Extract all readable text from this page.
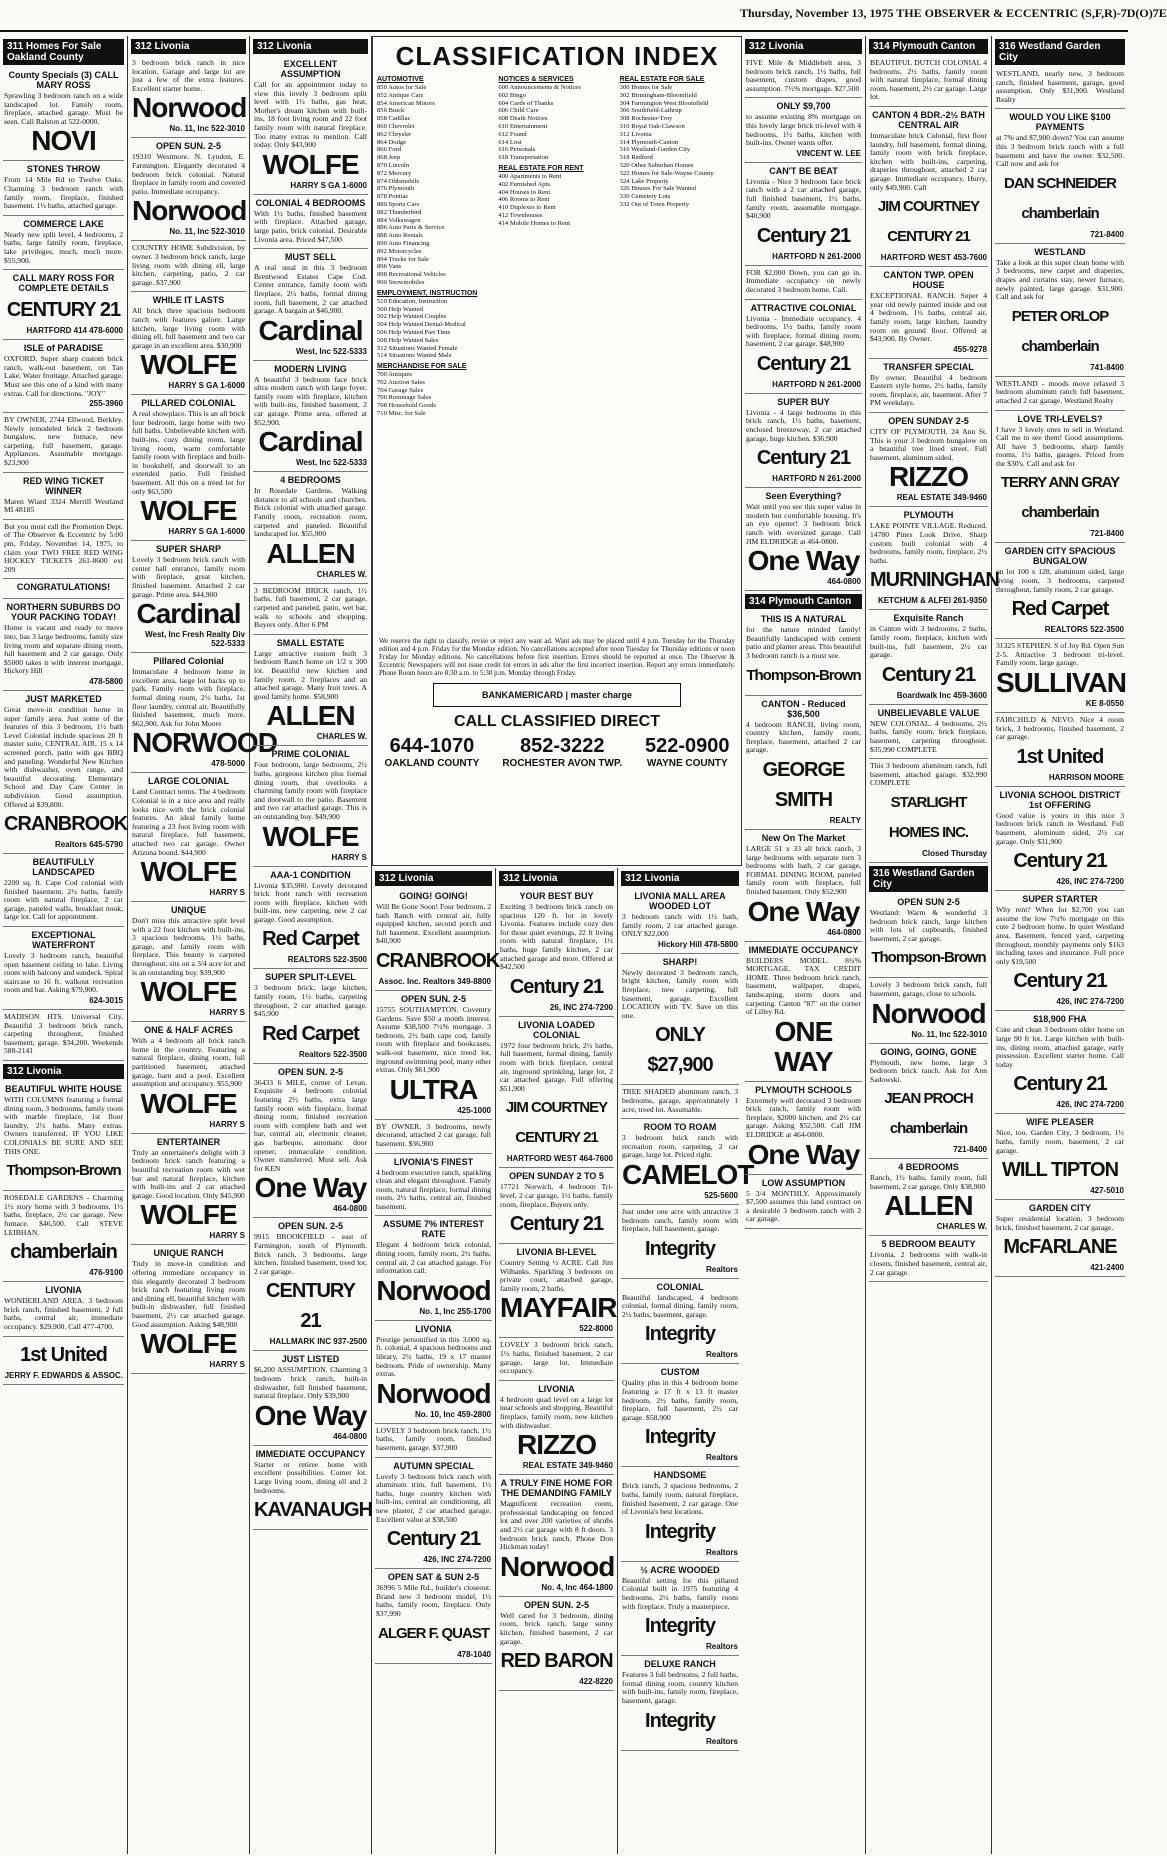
Thursday, November 13, 1975 THE OBSERVER & ECCENTRIC (S,F,R)-7D(O)7E
311 Homes For Sale Oakland County
County Specials (3) CALL MARY ROSS
Sprawling 3 bedroom ranch on a wide landscaped lot. Family room, fireplace, attached garage. Must be seen. Call Ralston at 522-0000.
NOVI
STONES THROW
From 14 Mile Rd to Twelve Oaks. Charming 3 bedroom ranch with family room, fireplace, finished basement. 1½ baths, attached garage.
COMMERCE LAKE
Nearly new split level, 4 bedrooms, 2 baths, large family room, fireplace, lake privileges, much, much more. $55,900.
CALL MARY ROSS FOR COMPLETE DETAILS
CENTURY 21
HARTFORD 414 478-6000
ISLE of PARADISE
OXFORD. Super sharp custom brick ranch, walk-out basement, on Tan Lake. Water frontage. Attached garage. Must see this one of a kind with many extras. Call for directions. "JOY"
255-3960
BY OWNER, 2744 Ellwood, Berkley. Newly remodeled brick 2 bedroom bungalow, new furnace, new carpeting, full basement, garage. Appliances. Assumable mortgage. $23,900
RED WING TICKET WINNER
Maren Wiard 3324 Merrill Westland MI 48185
But you must call the Promotion Dept. of The Observer & Eccentric by 5:00 pm, Friday, November 14, 1975, to claim your TWO FREE RED WING HOCKEY TICKETS 261-8600 ext 209
CONGRATULATIONS!
NORTHERN SUBURBS DO YOUR PACKING TODAY!
Home is vacant and ready to move into, has 3 large bedrooms, family size living room and separate dining room, full basement and 2 car garage. Only $5000 takes it with interest mortgage. Hickory Hill
478-5800
JUST MARKETED
Great move-in condition home in super family area. Just some of the features of this 3 bedroom, 1½ bath Level Colonial include spacious 20 ft master suite, CENTRAL AIR, 15 x 14 screened porch, patio with gas BBQ and paneling. Wonderful New Kitchen with dishwasher, oven range, and beautiful decorating. Elementary School and Day Care Center in subdivision. Good assumption. Offered at $39,800.
CRANBROOK
Realtors 645-5790
BEAUTIFULLY LANDSCAPED
2200 sq. ft. Cape Cod colonial with finished basement, 2½ baths, family room with natural fireplace, 2 car garage, paneled walls, breakfast nook, large lot. Call for appointment.
EXCEPTIONAL WATERFRONT
Lovely 3 bedroom ranch, beautiful open basement ceiling to lake. Living room with balcony and sundeck. Spiral staircase to 16 ft. walkout recreation room and bar. Asking $79,900.
624-3015
MADISON HTS. Universal City. Beautiful 3 bedroom brick ranch, carpeting throughout, finished basement, garage. $34,200. Weekends 588-2141
312 Livonia
BEAUTIFUL WHITE HOUSE
WITH COLUMNS featuring a formal dining room, 3 bedrooms, family room with marble fireplace, 1st floor laundry, 2½ baths. Many extras. Owners transferred. IF YOU LIKE COLONIALS BE SURE AND SEE THIS ONE.
Thompson-Brown
ROSEDALE GARDENS - Charming 1½ story home with 3 bedrooms, 1½ baths, fireplace, 2½ car garage. New furnace. $46,500. Call STEVE LEIBHAN.
chamberlain
476-9100
LIVONIA
WONDERLAND AREA. 3 bedroom brick ranch, finished basement, 2 full baths, central air, immediate occupancy. $29,900. Call 477-4700.
1st United
JERRY F. EDWARDS & ASSOC.
312 Livonia
3 bedroom brick ranch in nice location. Garage and large lot are just a few of the extra features. Excellent starter home.
Norwood
No. 11, Inc 522-3010
OPEN SUN. 2-5
19310 Westmore. N. Lyndon, E. Farmington. Elegantly decorated 4 bedroom brick colonial. Natural fireplace in family room and covered patio. Immediate occupancy.
Norwood
No. 11, Inc 522-3010
COUNTRY HOME Subdivision, by owner. 3 bedroom brick ranch, large living room with dining ell, large kitchen, carpeting, patio, 2 car garage. $37,900
WHILE IT LASTS
All brick three spacious bedroom ranch with features galore. Large kitchen, large living room with dining ell, full basement and two car garage in an excellent area. $30,900
WOLFE
HARRY S GA 1-6000
PILLARED COLONIAL
A real showplace. This is an all brick four bedroom, large home with two full baths. Unbelievable kitchen with built-ins, cozy dining room, large living room, warm comfortable family room with fireplace and built-in bookshelf, and doorwall to an extended patio. Full finished basement. All this on a treed lot for only $63,500
WOLFE
HARRY S GA 1-6000
SUPER SHARP
Lovely 3 bedroom brick ranch with center hall entrance, family room with fireplace, great kitchen, finished basement. Attached 2 car garage. Prime area. $44,900
Cardinal
West, Inc Fresh Realty Div 522-5333
Pillared Colonial
Immaculate 4 bedroom home in excellent area, large lot backs up to park. Family room with fireplace, formal dining room, 2½ baths, 1st floor laundry, central air. Beautifully finished basement, much more. $62,900. Ask for John Moore
NORWOOD
478-5000
LARGE COLONIAL
Land Contract terms. The 4 bedroom Colonial is in a nice area and really looks nice with the brick colonial features. An ideal family home featuring a 23 foot living room with natural fireplace, full basement, attached two car garage. Owner Arizona bound. $44,900
WOLFE
HARRY S
UNIQUE
Don't miss this attractive split level with a 22 foot kitchen with built-ins, 3 spacious bedrooms, 1½ baths, garage, and family room with fireplace. This beauty is carpeted throughout, sits on a 3/4 acre lot and is an outstanding buy. $39,900
WOLFE
HARRY S
ONE & HALF ACRES
With a 4 bedroom all brick ranch home in the country. Featuring a natural fireplace, dining room, full partitioned basement, attached garage, barn and a pool. Excellent assumption and occupancy. $55,900
WOLFE
HARRY S
ENTERTAINER
Truly an entertainer's delight with 3 bedroom brick ranch featuring a beautiful recreation room with wet bar and natural fireplace, kitchen with built-ins and 2 car attached garage. Good location. Only $45,900
WOLFE
HARRY S
UNIQUE RANCH
Truly in move-in condition and offering immediate occupancy in this elegantly decorated 3 bedroom brick ranch featuring living room and dining ell, beautiful kitchen with built-in dishwasher, full finished basement, 2½ car attached garage. Good assumption. Asking $48,900
WOLFE
HARRY S
312 Livonia
EXCELLENT ASSUMPTION
Call for an appointment today to view this lovely 3 bedroom split level with 1½ baths, gas heat, Mother's dream kitchen with built-ins, 18 foot living room and 22 foot family room with natural fireplace. Too many extras to mention. Call today. Only $43,900
WOLFE
HARRY S GA 1-6000
COLONIAL 4 BEDROOMS
With 1½ baths, finished basement with fireplace. Attached garage, large patio, brick colonial. Desirable Livonia area. Priced $47,500
MUST SELL
A real steal in this 3 bedroom Brentwood Estates Cape Cod. Center entrance, family room with fireplace, 2½ baths, formal dining room, full basement, 2 car attached garage. A bargain at $46,900.
Cardinal
West, Inc 522-5333
MODERN LIVING
A beautiful 3 bedroom face brick ultra modern ranch with large foyer, family room with fireplace, kitchen with built-ins, finished basement, 2 car garage. Prime area, offered at $52,900.
Cardinal
West, Inc 522-5333
4 BEDROOMS
In Rosedale Gardens. Walking distance to all schools and churches. Brick colonial with attached garage. Family room, recreation room, carpeted and paneled. Beautiful landscaped lot. $55,900
ALLEN
CHARLES W.
3 BEDROOM BRICK ranch, 1½ baths, full basement, 2 car garage, carpeted and paneled, patio, wet bar, walk to schools and shopping. Buyers only. After 6 PM
SMALL ESTATE
Large attractive custom built 3 bedroom Ranch home on 1/2 x 300 lot. Beautiful new kitchen and family room. 2 fireplaces and an attached garage. Many fruit trees. A good family home. $58,900
ALLEN
CHARLES W.
PRIME COLONIAL
Four bedroom, large bedrooms, 2½ baths, gorgeous kitchen plus formal dining room, that overlooks a charming family room with fireplace and doorwall to the patio. Basement and two car attached garage. This is an outstanding buy. $49,900
WOLFE
HARRY S
AAA-1 CONDITION
Livonia $35,900. Lovely decorated brick front ranch with recreation room with fireplace, kitchen with built-ins, new carpeting, new 2 car garage. Good assumption.
Red Carpet
REALTORS 522-3500
SUPER SPLIT-LEVEL
3 bedroom brick, large kitchen, family room, 1½ baths, carpeting throughout, 2 car attached garage. $45,900
Red Carpet
Realtors 522-3500
OPEN SUN. 2-5
36433 6 MILE, corner of Levan. Exquisite 4 bedroom colonial featuring 2½ baths, extra large family room with fireplace, formal dining room, finished recreation room with complete bath and wet bar, central air, electronic cleaner, gas barbeque, automatic door opener, immaculate condition. Owner transferred. Must sell. Ask for KEN
One Way
464-0800
OPEN SUN. 2-5
9915 BROOKFIELD - east of Farmington, south of Plymouth. Brick ranch, 3 bedrooms, large kitchen, finished basement, treed lot, 2 car garage.
CENTURY 21
HALLMARK INC 937-2500
JUST LISTED
$6,200 ASSUMPTION. Charming 3 bedroom brick ranch, built-in dishwasher, full finished basement, natural fireplace. Only $39,900
One Way
464-0800
IMMEDIATE OCCUPANCY
Starter or retiree home with excellent possibilities. Corner lot. Large living room, dining ell and 2 bedrooms.
KAVANAUGH
CLASSIFICATION INDEX
AUTOMOTIVE
850 Autos for Sale
852 Antique Cars
854 American Motors
856 Buick
858 Cadillac
860 Chevrolet
862 Chrysler
864 Dodge
866 Ford
868 Jeep
870 Lincoln
872 Mercury
874 Oldsmobile
876 Plymouth
878 Pontiac
880 Sports Cars
882 Thunderbird
884 Volkswagen
886 Auto Parts & Service
888 Auto Rentals
890 Auto Financing
892 Motorcycles
894 Trucks for Sale
896 Vans
898 Recreational Vehicles
900 Snowmobiles
EMPLOYMENT, INSTRUCTION
510 Education, Instruction
500 Help Wanted
502 Help Wanted Couples
504 Help Wanted Dental-Medical
506 Help Wanted Part Time
508 Help Wanted Sales
512 Situations Wanted Female
514 Situations Wanted Male
MERCHANDISE FOR SALE
700 Antiques
702 Auction Sales
704 Garage Sales
706 Rummage Sales
708 Household Goods
710 Misc. for Sale
NOTICES & SERVICES
600 Announcements & Notices
602 Bingo
604 Cards of Thanks
606 Child Care
608 Death Notices
610 Entertainment
612 Found
614 Lost
616 Personals
618 Transportation
REAL ESTATE FOR RENT
400 Apartments to Rent
402 Furnished Apts.
404 Houses to Rent
406 Rooms to Rent
410 Duplexes to Rent
412 Townhouses
414 Mobile Homes to Rent
REAL ESTATE FOR SALE
300 Homes for Sale
302 Birmingham-Bloomfield
304 Farmington West Bloomfield
306 Southfield-Lathrup
308 Rochester-Troy
310 Royal Oak-Clawson
312 Livonia
314 Plymouth-Canton
316 Westland-Garden City
318 Redford
320 Other Suburban Homes
322 Homes for Sale-Wayne County
324 Lake Property
326 Houses For Sale Wanted
330 Cemetery Lots
332 Out of Town Property
We reserve the right to classify, revise or reject any want ad. Want ads may be placed until 4 p.m. Tuesday for the Thursday edition and 4 p.m. Friday for the Monday edition. No cancellations accepted after noon Tuesday for Thursday editions or noon Friday for Monday editions. No cancellations before first insertion. Errors should be reported at once. The Observer & Eccentric Newspapers will not issue credit for errors in ads after the first incorrect insertion. Report any errors immediately. Phone Room hours are 8:30 a.m. to 5:30 p.m. Monday through Friday.
BANKAMERICARD | master charge
CALL CLASSIFIED DIRECT
644-1070
OAKLAND COUNTY
852-3222
ROCHESTER AVON TWP.
522-0900
WAYNE COUNTY
312 Livonia
GOING! GOING!
Will Be Gone Soon! Four bedroom, 2 bath Ranch with central air, fully equipped kitchen, second porch and full basement. Excellent assumption. $40,900
CRANBROOK
Assoc. Inc. Realtors 349-8800
OPEN SUN. 2-5
15755 SOUTHAMPTON. Coventry Gardens. Save $50 a month interest. Assume $38,500 7½% mortgage. 3 bedroom, 2½ bath cape cod, family room with fireplace and bookcases, walk-out basement, nice treed lot, inground swimming pool, many other extras. Only $61,900
ULTRA
425-1000
BY OWNER, 3 bedrooms, newly decorated, attached 2 car garage, full basement. $36,900
LIVONIA'S FINEST
4 bedroom executive ranch, sparkling clean and elegant throughout. Family room, natural fireplace, formal dining room, 2½ baths, central air, finished basement.
ASSUME 7% INTEREST RATE
Elegant 4 bedroom brick colonial, dining room, family room, 2½ baths, central air, 2 car attached garage. For information call.
Norwood
No. 1, Inc 255-1700
LIVONIA
Prestige personified in this 3,000 sq. ft. colonial, 4 spacious bedrooms and library, 2½ baths, 19 x 17 master bedroom. Pride of ownership. Many extras.
Norwood
No. 10, Inc 459-2800
LOVELY 3 bedroom brick ranch, 1½ baths, family room, finished basement, garage. $37,900
AUTUMN SPECIAL
Lovely 3 bedroom brick ranch with aluminum trim, full basement, 1½ baths, huge country kitchen with built-ins, central air conditioning, all new plaster, 2 car attached garage. Excellent value at $38,500
Century 21
426, INC 274-7200
OPEN SAT & SUN 2-5
36996 5 Mile Rd., builder's closeout. Brand new 3 bedroom model, 1½ baths, family room, fireplace. Only $37,990
ALGER F. QUAST
478-1040
312 Livonia
YOUR BEST BUY
Exciting 3 bedroom brick ranch on spacious 120 ft. lot in lovely Livonia. Features include cozy den for those quiet evenings, 22 ft living room with natural fireplace, 1½ baths, huge family kitchen, 2 car attached garage and more. Offered at $42,500
Century 21
26, INC 274-7200
LIVONIA LOADED COLONIAL
1972 four bedroom brick, 2½ baths, full basement, formal dining, family room with brick fireplace, central air, inground sprinkling, large lot, 2 car attached garage. Full offering $51,900
JIM COURTNEY CENTURY 21
HARTFORD WEST 464-7600
OPEN SUNDAY 2 TO 5
17721 Norwich, 4 bedroom Tri-level, 2 car garage, 1½ baths, family room, fireplace. Buyers only.
Century 21
LIVONIA BI-LEVEL
Country Setting ½ ACRE. Call Jim Wilbanks. Sparkling 3 bedroom on private court, attached garage, family room, 2 baths.
MAYFAIR
522-8000
LOVELY 3 bedroom brick ranch, 1½ baths, finished basement, 2 car garage, large lot. Immediate occupancy.
LIVONIA
4 bedroom quad level on a large lot near schools and shopping. Beautiful fireplace, family room, new kitchen with dishwasher.
RIZZO
REAL ESTATE 349-9460
A TRULY FINE HOME FOR THE DEMANDING FAMILY
Magnificent recreation room, professional landscaping on fenced lot and over 200 varieties of shrubs and 2½ car garage with 8 ft doors. 3 bedroom brick ranch. Phone Don Hickman today!
Norwood
No. 4, Inc 464-1800
OPEN SUN. 2-5
Well cared for 3 bedroom, dining room, brick ranch, large sunny kitchen, finished basement, 2 car garage.
RED BARON
422-8220
312 Livonia
LIVONIA MALL AREA WOODED LOT
3 bedroom ranch with 1½ bath, family room, 2 car attached garage. ONLY $22,000
Hickory Hill 478-5800
SHARP!
Newly decorated 3 bedroom ranch, bright kitchen, family room with fireplace, new carpeting, full basement, garage. Excellent LOCATION with TV. Save on this one.
ONLY $27,900
TREE SHADED aluminum ranch, 3 bedrooms, garage, approximately 1 acre, treed lot. Assumable.
ROOM TO ROAM
3 bedroom brick ranch with recreation room, carpeting, 2 car garage, large lot. Priced right.
CAMELOT
525-5600
Just under one acre with attractive 3 bedroom ranch, family room with fireplace, full basement, garage.
Integrity
Realtors
COLONIAL
Beautiful landscaped, 4 bedroom colonial, formal dining, family room, 2½ baths, basement, garage.
Integrity
Realtors
CUSTOM
Quality plus in this 4 bedroom home featuring a 17 ft x 13 ft master bedroom, 2½ baths, family room, fireplace, full basement, 2½ car garage. $58,900
Integrity
Realtors
HANDSOME
Brick ranch, 3 spacious bedrooms, 2 baths, family room, natural fireplace, finished basement, 2 car garage. One of Livonia's best locations.
Integrity
Realtors
½ ACRE WOODED
Beautiful setting for this pillared Colonial built in 1975 featuring 4 bedrooms, 2½ baths, family room with fireplace. Truly a masterpiece.
Integrity
Realtors
DELUXE RANCH
Features 3 full bedrooms, 2 full baths, formal dining room, country kitchen with built-ins, family room, fireplace, basement, garage.
Integrity
Realtors
312 Livonia
FIVE Mile & Middlebelt area, 3 bedroom brick ranch, 1½ baths, full basement, custom drapes, good assumption. 7½% mortgage. $27,500
ONLY $9,700
to assume existing 8% mortgage on this lovely large brick tri-level with 4 bedrooms, 1½ baths, kitchen with built-ins. Owner wants offer.
VINCENT W. LEE
CAN'T BE BEAT
Livonia - Nice 3 bedroom face brick ranch with a 2 car attached garage, full finished basement, 1½ baths, family room, assumable mortgage. $40,900
Century 21
HARTFORD N 261-2000
FOR $2,000 Down, you can go in. Immediate occupancy on newly decorated 3 bedroom home. Call.
ATTRACTIVE COLONIAL
Livonia - Immediate occupancy. 4 bedrooms, 1½ baths, family room with fireplace, formal dining room, basement, 2 car garage. $48,900
Century 21
HARTFORD N 261-2000
SUPER BUY
Livonia - 4 large bedrooms in this brick ranch, 1½ baths, basement, enclosed breezeway, 2 car attached garage, huge kitchen. $36,900
Century 21
HARTFORD N 261-2000
Seen Everything?
Wait until you see this super value in modern but comfortable housing. It's an eye opener! 3 bedroom brick ranch with oversized garage. Call JIM ELDRIDGE at 464-0800.
One Way
464-0800
314 Plymouth Canton
THIS IS A NATURAL
for the nature minded family! Beautifully landscaped with cement patio and planter areas. This beautiful 3 bedroom ranch is a must see.
Thompson-Brown
CANTON - Reduced $36,500
4 bedroom RANCH, living room, country kitchen, family room, fireplace, basement, attached 2 car garage.
GEORGE SMITH
REALTY
New On The Market
LARGE 51 x 33 all brick ranch, 3 large bedrooms with separate turn 3 bedrooms with bath, 2 car garage, FORMAL DINING ROOM, paneled family room with fireplace, full finished basement. Only $52,900
One Way
464-0800
IMMEDIATE OCCUPANCY
BUILDERS MODEL. 8¾% MORTGAGE. TAX CREDIT HOME. Three bedroom brick ranch, basement, wallpaper, drapes, landscaping, storm doors and carpeting. Canton "87" on the corner of Lilley Rd.
ONE WAY
PLYMOUTH SCHOOLS
Extremely well decorated 3 bedroom brick ranch, family room with fireplace, $2000 kitchen, and 2½ car garage. Asking $52,500. Call JIM ELDRIDGE at 464-0800.
One Way
LOW ASSUMPTION
5 3/4 MONTHLY. Approximately $7,500 assumes this land contract on a desirable 3 bedroom ranch with 2 car garage.
314 Plymouth Canton
BEAUTIFUL DUTCH COLONIAL 4 bedrooms, 2½ baths, family room with natural fireplace, formal dining room, basement, 2½ car garage. Large lot.
CANTON 4 BDR.-2½ BATH CENTRAL AIR
Immaculate brick Colonial, first floor laundry, full basement, formal dining, family room with brick fireplace, kitchen with built-ins, carpeting, draperies throughout, attached 2 car garage. Immediate occupancy. Hurry, only $49,900. Call
JIM COURTNEY CENTURY 21
HARTFORD WEST 453-7600
CANTON TWP. OPEN HOUSE
EXCEPTIONAL RANCH. Super 4 year old newly painted inside and out 4 bedroom, 1½ baths, central air, family room, large kitchen, laundry room on ground floor. Offered at $43,900. By Owner.
455-9278
TRANSFER SPECIAL
By owner. Beautiful 4 bedroom Eastern style home, 2½ baths, family room, fireplace, air, basement. After 7 PM weekdays.
OPEN SUNDAY 2-5
CITY OF PLYMOUTH. 24 Ann St. This is your 3 bedroom bungalow on a beautiful tree lined street. Full basement, aluminum sided.
RIZZO
REAL ESTATE 349-9460
PLYMOUTH
LAKE POINTE VILLAGE. Reduced. 14780 Pines Look Drive. Sharp custom built colonial with 4 bedrooms, family room, fireplace, 2½ baths.
MURNINGHAN
KETCHUM & ALFEI 261-9350
Exquisite Ranch
in Canton with 3 bedrooms, 2 baths, family room, fireplace, kitchen with built-ins, full basement, 2½ car garage.
Century 21
Boardwalk Inc 459-3600
UNBELIEVABLE VALUE
NEW COLONIAL. 4 bedrooms, 2½ baths, family room, brick fireplace, basement, carpeting throughout. $35,990 COMPLETE
This 3 bedroom aluminum ranch, full basement, attached garage. $32,990 COMPLETE
STARLIGHT HOMES INC.
Closed Thursday
316 Westland Garden City
OPEN SUN 2-5
Westland: Warm & wonderful 3 bedroom brick ranch, large kitchen with lots of cupboards, finished basement, 2 car garage.
Thompson-Brown
Lovely 3 bedroom brick ranch, full basement, garage, close to schools.
Norwood
No. 11, Inc 522-3010
GOING, GOING, GONE
Plymouth, new home, large 3 bedroom brick ranch. Ask for Ann Sadowski.
JEAN PROCH chamberlain
721-8400
4 BEDROOMS
Ranch, 1½ baths, family room, full basement, 2 car garage. Only $38,900
ALLEN
CHARLES W.
5 BEDROOM BEAUTY
Livonia, 2 bedrooms with walk-in closets, finished basement, central air, 2 car garage.
316 Westland Garden City
WESTLAND, nearly new, 3 bedroom ranch, finished basement, garage, good assumption. Only $31,900. Westland Realty
WOULD YOU LIKE $100 PAYMENTS
at 7% and $7,900 down? You can assume this 3 bedroom brick ranch with a full basement and have the owner. $32,500. Call now and ask for
DAN SCHNEIDER chamberlain
721-8400
WESTLAND
Take a look at this super clean home with 3 bedrooms, new carpet and draperies, drapes and curtains stay, newer furnace, newly painted, large garage. $31,900. Call and ask for
PETER ORLOP chamberlain
741-8400
WESTLAND - moods move relaxed 3 bedroom aluminum ranch full basement, attached 2 car garage. Westland Realty
LOVE TRI-LEVELS?
I have 3 lovely ones to sell in Westland. Call me to see them! Good assumptions. All have 3 bedrooms, sharp family rooms, 1½ baths, garages. Priced from the $30's. Call and ask for
TERRY ANN GRAY chamberlain
721-8400
GARDEN CITY SPACIOUS BUNGALOW
on lot 100 x 128, aluminum sided, large living room, 3 bedrooms, carpeted throughout, family room, 2 car garage.
Red Carpet
REALTORS 522-3500
31325 STEPHEN. S of Joy Rd. Open Sun 2-5. Attractive 3 bedroom tri-level. Family room, large garage.
SULLIVAN
KE 8-0550
FAIRCHILD & NEVO. Nice 4 room brick, 3 bedrooms, finished basement, 2 car garage.
1st United
HARRISON MOORE
LIVONIA SCHOOL DISTRICT 1st OFFERING
Good value is yours in this nice 3 bedroom brick ranch in Westland. Full basement, aluminum sided, 2½ car garage. Only $31,900
Century 21
426, INC 274-7200
SUPER STARTER
Why rent? When for $2,700 you can assume the low 7¼% mortgage on this cute 2 bedroom home. In quiet Westland area. Basement, fenced yard, carpeting throughout, monthly payments only $163 including taxes and insurance. Full price only $19,500
Century 21
426, INC 274-7200
$18,900 FHA
Cute and clean 3 bedroom older home on large 90 ft lot. Large kitchen with built-ins, dining room, attached garage, early possession. Excellent starter home. Call today
Century 21
426, INC 274-7200
WIFE PLEASER
Nice, too. Garden City, 3 bedroom, 1½ baths, family room, basement, 2 car garage.
WILL TIPTON
427-5010
GARDEN CITY
Super residential location. 3 bedroom brick, finished basement, 2 car garage.
McFARLANE
421-2400
